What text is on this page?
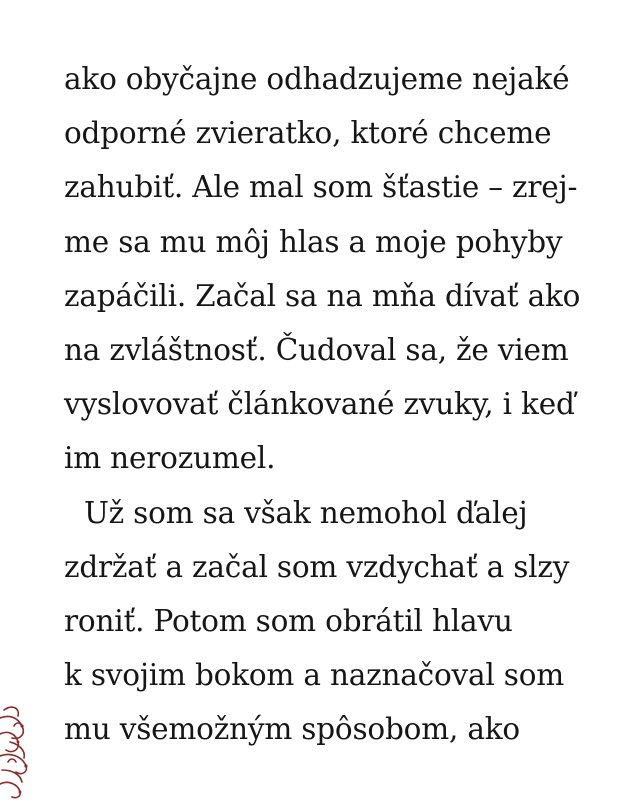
ako obyčajne odhadzujeme nejaké
odporné zvieratko, ktoré chceme
zahubiť. Ale mal som šťastie – zrej-
me sa mu môj hlas a moje pohyby
zapáčili. Začal sa na mňa dívať ako
na zvláštnosť. Čudoval sa, že viem
vyslovovať článkované zvuky, i keď
im nerozumel.
Už som sa však nemohol ďalej
zdržať a začal som vzdychať a slzy
roniť. Potom som obrátil hlavu
k svojim bokom a naznačoval som
mu všemožným spôsobom, ako
